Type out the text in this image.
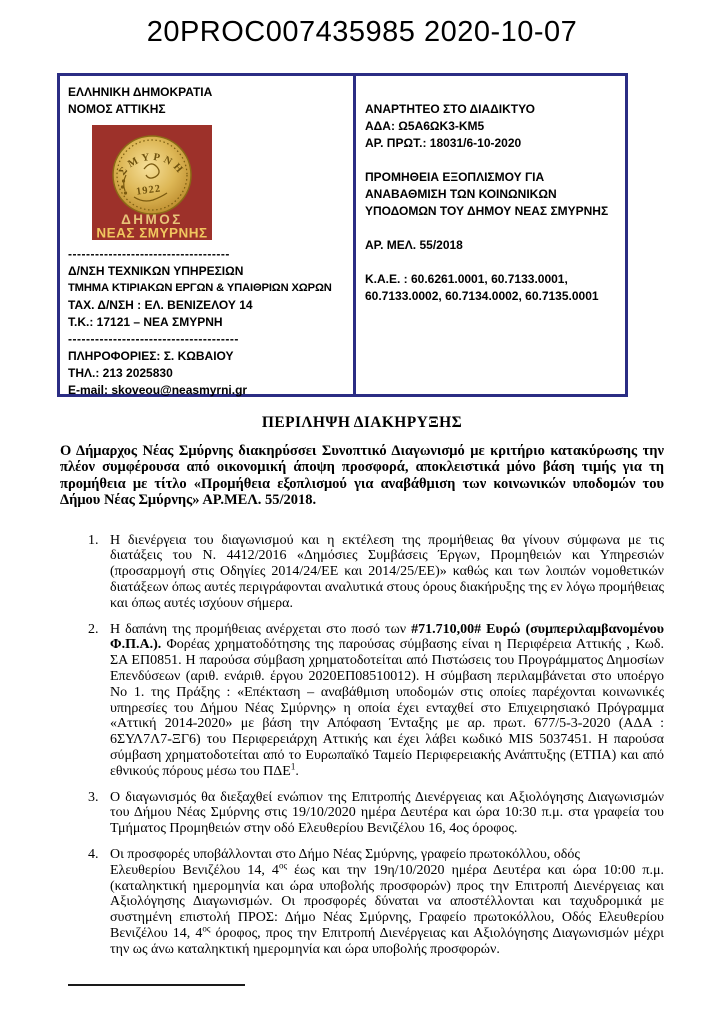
20PROC007435985 2020-10-07

ΕΛΛΗΝΙΚΗ ΔΗΜΟΚΡΑΤΙΑ

ΝΟΜΟΣ ΑΤΤΙΚΗΣ

ΣΜΥΡΝΗ
1922
ΔΗΜΟΣ
ΝΕΑΣ ΣΜΥΡΝΗΣ

------------------------------------

Δ/ΝΣΗ ΤΕΧΝΙΚΩΝ ΥΠΗΡΕΣΙΩΝ

ΤΜΗΜΑ ΚΤΙΡΙΑΚΩΝ ΕΡΓΩΝ & ΥΠΑΙΘΡΙΩΝ ΧΩΡΩΝ

ΤΑΧ. Δ/ΝΣΗ : ΕΛ. ΒΕΝΙΖΕΛΟΥ 14

Τ.Κ.: 17121 – ΝΕΑ ΣΜΥΡΝΗ

--------------------------------------

ΠΛΗΡΟΦΟΡΙΕΣ: Σ. ΚΩΒΑΙΟΥ

ΤΗΛ.: 213 2025830

E-mail: skoveou@neasmyrni.gr

ΑΝΑΡΤΗΤΕΟ ΣΤΟ ΔΙΑΔΙΚΤΥΟ

ΑΔΑ: Ω5Α6ΩΚ3-ΚΜ5

ΑΡ. ΠΡΩΤ.: 18031/6-10-2020

ΠΡΟΜΗΘΕΙΑ ΕΞΟΠΛΙΣΜΟΥ ΓΙΑ ΑΝΑΒΑΘΜΙΣΗ ΤΩΝ ΚΟΙΝΩΝΙΚΩΝ ΥΠΟΔΟΜΩΝ ΤΟΥ ΔΗΜΟΥ ΝΕΑΣ ΣΜΥΡΝΗΣ

ΑΡ. ΜΕΛ. 55/2018

Κ.Α.Ε. : 60.6261.0001, 60.7133.0001, 60.7133.0002, 60.7134.0002, 60.7135.0001

ΠΕΡΙΛΗΨΗ ΔΙΑΚΗΡΥΞΗΣ

Ο Δήμαρχος Νέας Σμύρνης διακηρύσσει Συνοπτικό Διαγωνισμό με κριτήριο κατακύρωσης την πλέον συμφέρουσα από οικονομική άποψη προσφορά, αποκλειστικά μόνο βάση τιμής για τη προμήθεια με τίτλο «Προμήθεια εξοπλισμού για αναβάθμιση των κοινωνικών υποδομών του Δήμου Νέας Σμύρνης» ΑΡ.ΜΕΛ. 55/2018.

1. Η διενέργεια του διαγωνισμού και η εκτέλεση της προμήθειας θα γίνουν σύμφωνα με τις διατάξεις του Ν. 4412/2016 «Δημόσιες Συμβάσεις Έργων, Προμηθειών και Υπηρεσιών (προσαρμογή στις Οδηγίες 2014/24/ΕΕ και 2014/25/ΕΕ)» καθώς και των λοιπών νομοθετικών διατάξεων όπως αυτές περιγράφονται αναλυτικά στους όρους διακήρυξης της εν λόγω προμήθειας και όπως αυτές ισχύουν σήμερα.
2. Η δαπάνη της προμήθειας ανέρχεται στο ποσό των #71.710,00# Ευρώ (συμπεριλαμβανομένου Φ.Π.Α.). Φορέας χρηματοδότησης της παρούσας σύμβασης είναι η Περιφέρεια Αττικής , Κωδ. ΣΑ ΕΠ0851. Η παρούσα σύμβαση χρηματοδοτείται από Πιστώσεις του Προγράμματος Δημοσίων Επενδύσεων (αριθ. ενάριθ. έργου 2020ΕΠ08510012). Η σύμβαση περιλαμβάνεται στο υποέργο Νο 1. της Πράξης : «Επέκταση – αναβάθμιση υποδομών στις οποίες παρέχονται κοινωνικές υπηρεσίες του Δήμου Νέας Σμύρνης» η οποία έχει ενταχθεί στο Επιχειρησιακό Πρόγραμμα «Αττική 2014-2020» με βάση την Απόφαση Ένταξης με αρ. πρωτ. 677/5-3-2020 (ΑΔΑ : 6ΣΥΛ7Λ7-ΞΓ6) του Περιφερειάρχη Αττικής και έχει λάβει κωδικό MIS 5037451. Η παρούσα σύμβαση χρηματοδοτείται από το Ευρωπαϊκό Ταμείο Περιφερειακής Ανάπτυξης (ΕΤΠΑ) και από εθνικούς πόρους μέσω του ΠΔΕ$^1$.
3. Ο διαγωνισμός θα διεξαχθεί ενώπιον της Επιτροπής Διενέργειας και Αξιολόγησης Διαγωνισμών του Δήμου Νέας Σμύρνης στις 19/10/2020 ημέρα Δευτέρα και ώρα 10:30 π.μ. στα γραφεία του Τμήματος Προμηθειών στην οδό Ελευθερίου Βενιζέλου 16, 4ος όροφος.
4. Οι προσφορές υποβάλλονται στο Δήμο Νέας Σμύρνης, γραφείο πρωτοκόλλου, οδός
Ελευθερίου Βενιζέλου 14, 4$^{o\varsigma}$ έως και την 19η/10/2020 ημέρα Δευτέρα και ώρα 10:00 π.μ. (καταληκτική ημερομηνία και ώρα υποβολής προσφορών) προς την Επιτροπή Διενέργειας και Αξιολόγησης Διαγωνισμών. Οι προσφορές δύναται να αποστέλλονται και ταχυδρομικά με συστημένη επιστολή ΠΡΟΣ: Δήμο Νέας Σμύρνης, Γραφείο πρωτοκόλλου, Οδός Ελευθερίου Βενιζέλου 14, 4$^{o\varsigma}$ όροφος, προς την Επιτροπή Διενέργειας και Αξιολόγησης Διαγωνισμών μέχρι την ως άνω καταληκτική ημερομηνία και ώρα υποβολής προσφορών.
